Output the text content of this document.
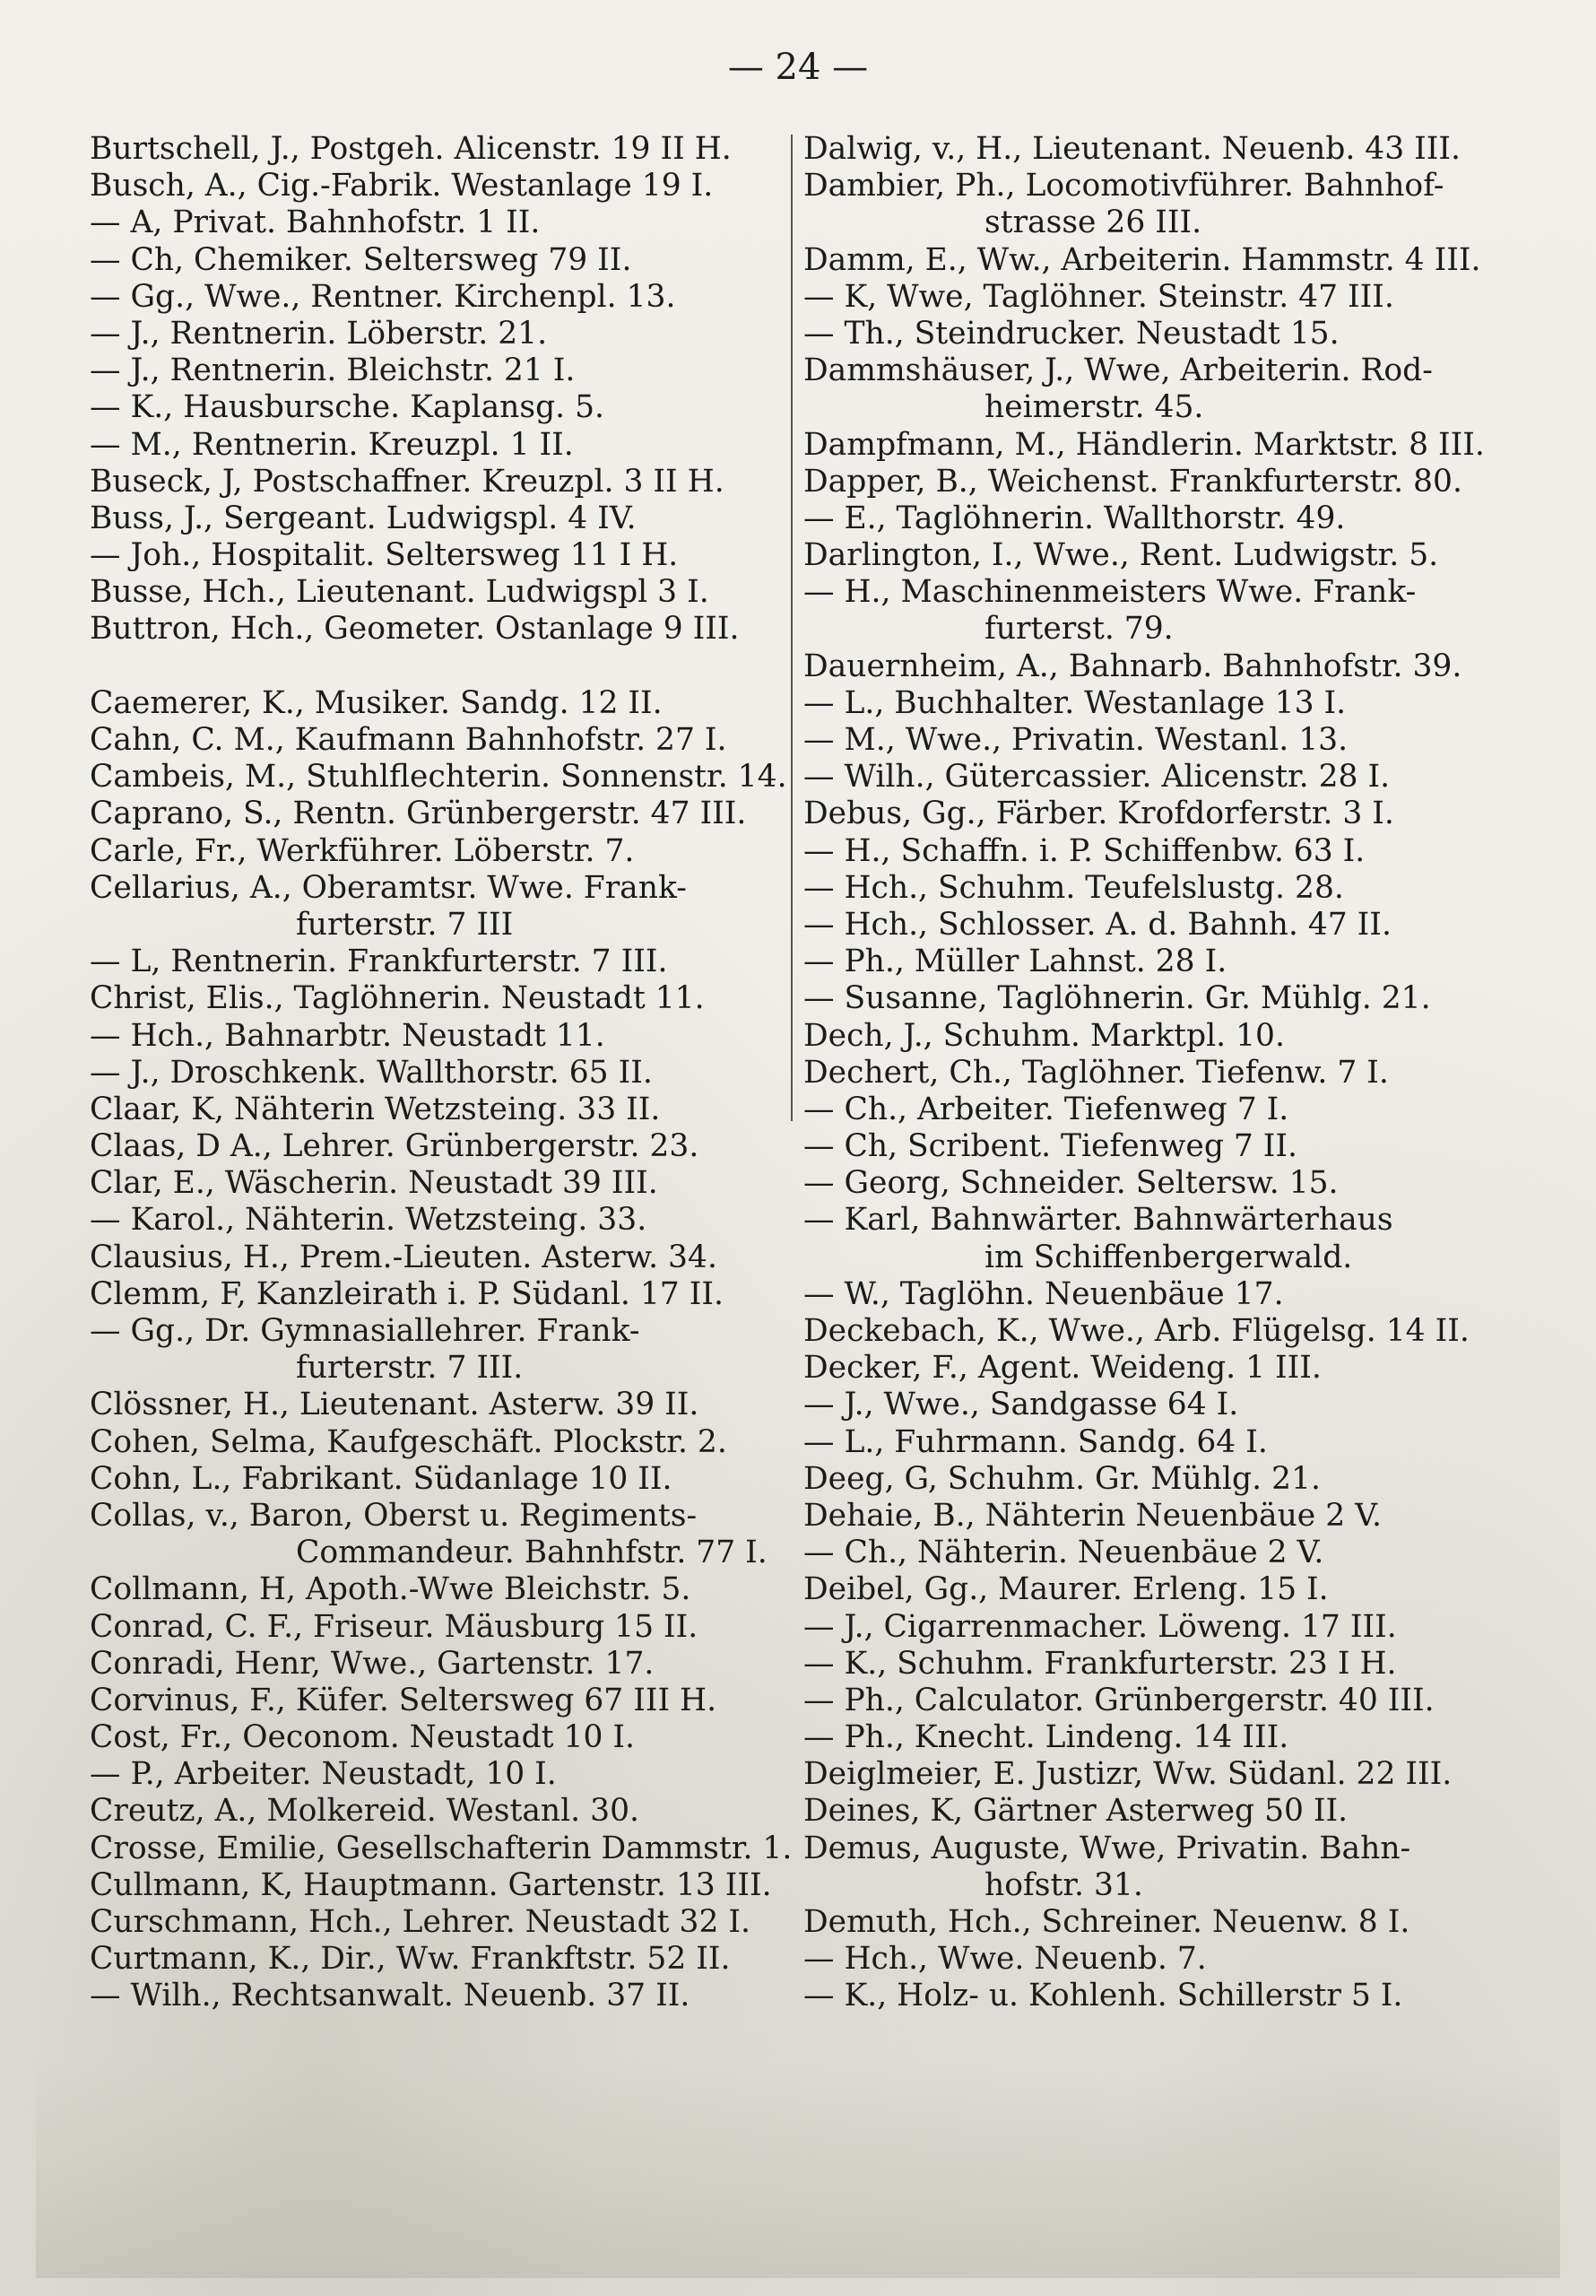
— 24 —
Burtschell, J., Postgeh. Alicenstr. 19 II H.
Busch, A., Cig.-Fabrik. Westanlage 19 I.
— A, Privat. Bahnhofstr. 1 II.
— Ch, Chemiker. Seltersweg 79 II.
— Gg., Wwe., Rentner. Kirchenpl. 13.
— J., Rentnerin. Löberstr. 21.
— J., Rentnerin. Bleichstr. 21 I.
— K., Hausbursche. Kaplansg. 5.
— M., Rentnerin. Kreuzpl. 1 II.
Buseck, J, Postschaffner. Kreuzpl. 3 II H.
Buss, J., Sergeant. Ludwigspl. 4 IV.
— Joh., Hospitalit. Seltersweg 11 I H.
Busse, Hch., Lieutenant. Ludwigspl 3 I.
Buttron, Hch., Geometer. Ostanlage 9 III.
Caemerer, K., Musiker. Sandg. 12 II.
Cahn, C. M., Kaufmann Bahnhofstr. 27 I.
Cambeis, M., Stuhlflechterin. Sonnenstr. 14.
Caprano, S., Rentn. Grünbergerstr. 47 III.
Carle, Fr., Werkführer. Löberstr. 7.
Cellarius, A., Oberamtsr. Wwe. Frank-
furterstr. 7 III
— L, Rentnerin. Frankfurterstr. 7 III.
Christ, Elis., Taglöhnerin. Neustadt 11.
— Hch., Bahnarbtr. Neustadt 11.
— J., Droschkenk. Wallthorstr. 65 II.
Claar, K, Nähterin Wetzsteing. 33 II.
Claas, D A., Lehrer. Grünbergerstr. 23.
Clar, E., Wäscherin. Neustadt 39 III.
— Karol., Nähterin. Wetzsteing. 33.
Clausius, H., Prem.-Lieuten. Asterw. 34.
Clemm, F, Kanzleirath i. P. Südanl. 17 II.
— Gg., Dr. Gymnasiallehrer. Frank-
furterstr. 7 III.
Clössner, H., Lieutenant. Asterw. 39 II.
Cohen, Selma, Kaufgeschäft. Plockstr. 2.
Cohn, L., Fabrikant. Südanlage 10 II.
Collas, v., Baron, Oberst u. Regiments-
Commandeur. Bahnhfstr. 77 I.
Collmann, H, Apoth.-Wwe Bleichstr. 5.
Conrad, C. F., Friseur. Mäusburg 15 II.
Conradi, Henr, Wwe., Gartenstr. 17.
Corvinus, F., Küfer. Seltersweg 67 III H.
Cost, Fr., Oeconom. Neustadt 10 I.
— P., Arbeiter. Neustadt, 10 I.
Creutz, A., Molkereid. Westanl. 30.
Crosse, Emilie, Gesellschafterin Dammstr. 1.
Cullmann, K, Hauptmann. Gartenstr. 13 III.
Curschmann, Hch., Lehrer. Neustadt 32 I.
Curtmann, K., Dir., Ww. Frankftstr. 52 II.
— Wilh., Rechtsanwalt. Neuenb. 37 II.
Dalwig, v., H., Lieutenant. Neuenb. 43 III.
Dambier, Ph., Locomotivführer. Bahnhof-
strasse 26 III.
Damm, E., Ww., Arbeiterin. Hammstr. 4 III.
— K, Wwe, Taglöhner. Steinstr. 47 III.
— Th., Steindrucker. Neustadt 15.
Dammshäuser, J., Wwe, Arbeiterin. Rod-
heimerstr. 45.
Dampfmann, M., Händlerin. Marktstr. 8 III.
Dapper, B., Weichenst. Frankfurterstr. 80.
— E., Taglöhnerin. Wallthorstr. 49.
Darlington, I., Wwe., Rent. Ludwigstr. 5.
— H., Maschinenmeisters Wwe. Frank-
furterst. 79.
Dauernheim, A., Bahnarb. Bahnhofstr. 39.
— L., Buchhalter. Westanlage 13 I.
— M., Wwe., Privatin. Westanl. 13.
— Wilh., Gütercassier. Alicenstr. 28 I.
Debus, Gg., Färber. Krofdorferstr. 3 I.
— H., Schaffn. i. P. Schiffenbw. 63 I.
— Hch., Schuhm. Teufelslustg. 28.
— Hch., Schlosser. A. d. Bahnh. 47 II.
— Ph., Müller Lahnst. 28 I.
— Susanne, Taglöhnerin. Gr. Mühlg. 21.
Dech, J., Schuhm. Marktpl. 10.
Dechert, Ch., Taglöhner. Tiefenw. 7 I.
— Ch., Arbeiter. Tiefenweg 7 I.
— Ch, Scribent. Tiefenweg 7 II.
— Georg, Schneider. Seltersw. 15.
— Karl, Bahnwärter. Bahnwärterhaus
im Schiffenbergerwald.
— W., Taglöhn. Neuenbäue 17.
Deckebach, K., Wwe., Arb. Flügelsg. 14 II.
Decker, F., Agent. Weideng. 1 III.
— J., Wwe., Sandgasse 64 I.
— L., Fuhrmann. Sandg. 64 I.
Deeg, G, Schuhm. Gr. Mühlg. 21.
Dehaie, B., Nähterin Neuenbäue 2 V.
— Ch., Nähterin. Neuenbäue 2 V.
Deibel, Gg., Maurer. Erleng. 15 I.
— J., Cigarrenmacher. Löweng. 17 III.
— K., Schuhm. Frankfurterstr. 23 I H.
— Ph., Calculator. Grünbergerstr. 40 III.
— Ph., Knecht. Lindeng. 14 III.
Deiglmeier, E. Justizr, Ww. Südanl. 22 III.
Deines, K, Gärtner Asterweg 50 II.
Demus, Auguste, Wwe, Privatin. Bahn-
hofstr. 31.
Demuth, Hch., Schreiner. Neuenw. 8 I.
— Hch., Wwe. Neuenb. 7.
— K., Holz- u. Kohlenh. Schillerstr 5 I.
